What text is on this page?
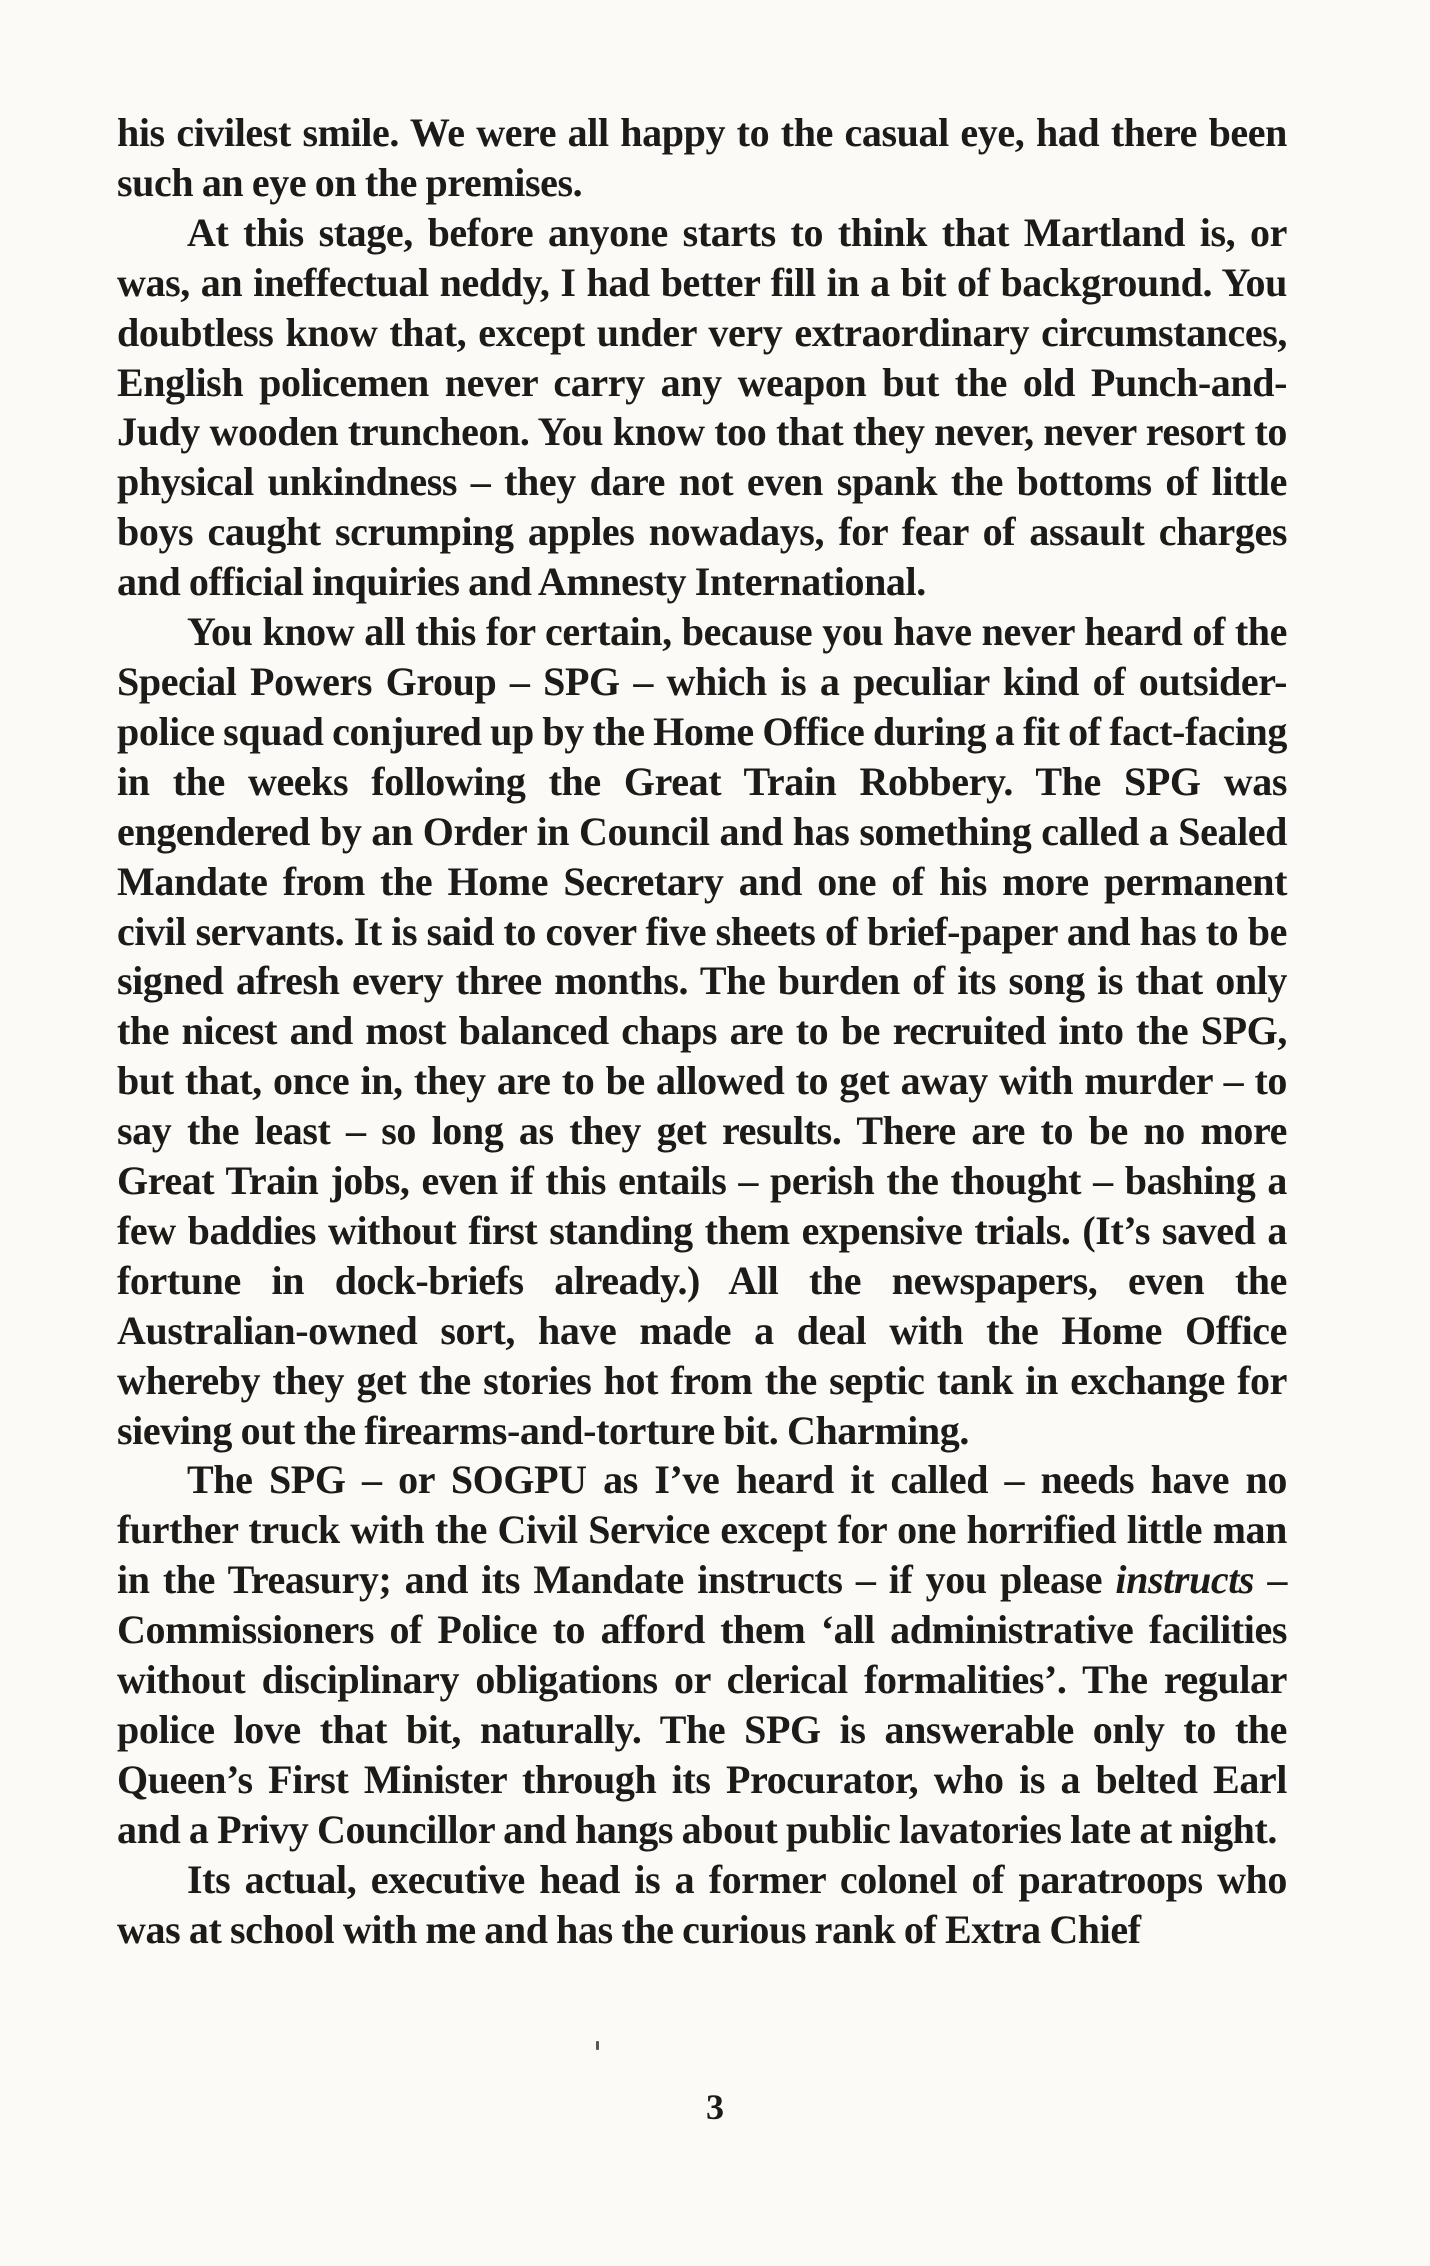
his civilest smile. We were all happy to the casual eye, had there been such an eye on the premises.

At this stage, before anyone starts to think that Martland is, or was, an ineffectual neddy, I had better fill in a bit of background. You doubtless know that, except under very extraordinary circumstances, English policemen never carry any weapon but the old Punch-and-Judy wooden truncheon. You know too that they never, never resort to physical unkindness – they dare not even spank the bottoms of little boys caught scrumping apples nowadays, for fear of assault charges and official inquiries and Amnesty International.

You know all this for certain, because you have never heard of the Special Powers Group – SPG – which is a peculiar kind of outsider-police squad conjured up by the Home Office during a fit of fact-facing in the weeks following the Great Train Robbery. The SPG was engendered by an Order in Council and has something called a Sealed Mandate from the Home Secretary and one of his more permanent civil servants. It is said to cover five sheets of brief-paper and has to be signed afresh every three months. The burden of its song is that only the nicest and most balanced chaps are to be recruited into the SPG, but that, once in, they are to be allowed to get away with murder – to say the least – so long as they get results. There are to be no more Great Train jobs, even if this entails – perish the thought – bashing a few baddies without first standing them expensive trials. (It’s saved a fortune in dock-briefs already.) All the newspapers, even the Australian-owned sort, have made a deal with the Home Office whereby they get the stories hot from the septic tank in exchange for sieving out the firearms-and-torture bit. Charming.

The SPG – or SOGPU as I’ve heard it called – needs have no further truck with the Civil Service except for one horrified little man in the Treasury; and its Mandate instructs – if you please instructs – Commissioners of Police to afford them ‘all administrative facilities without disciplinary obligations or clerical formalities’. The regular police love that bit, naturally. The SPG is answerable only to the Queen’s First Minister through its Procurator, who is a belted Earl and a Privy Councillor and hangs about public lavatories late at night.

Its actual, executive head is a former colonel of paratroops who was at school with me and has the curious rank of Extra Chief

3
